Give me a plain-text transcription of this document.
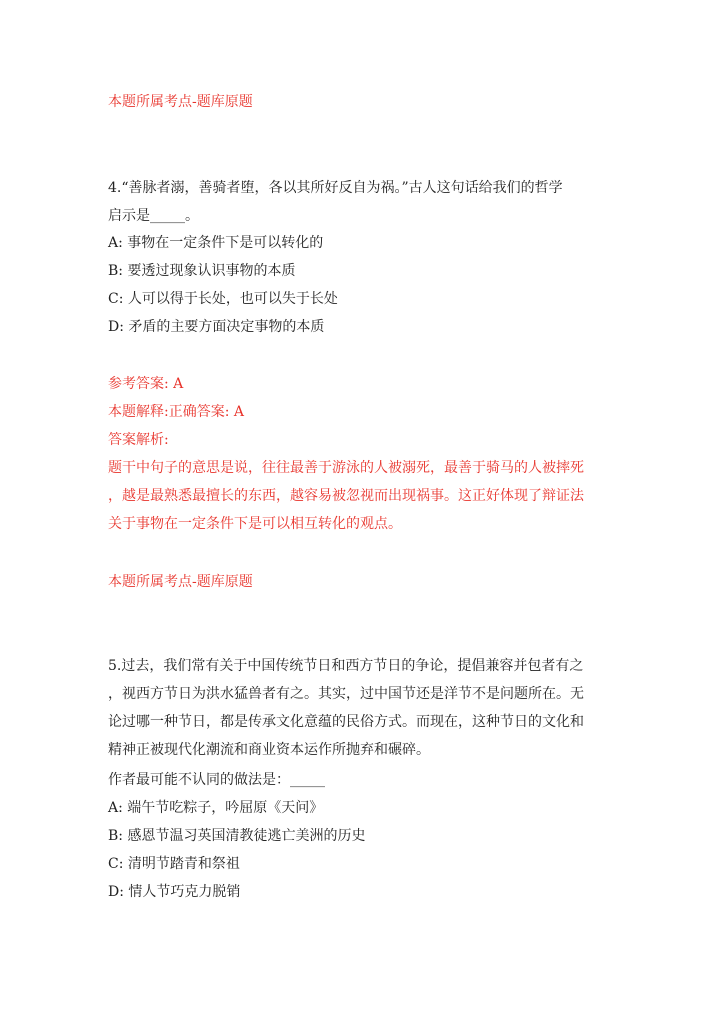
本题所属考点-题库原题
4.“善脉者溺，善骑者堕，各以其所好反自为祸。”古人这句话给我们的哲学
启示是_____。
A: 事物在一定条件下是可以转化的
B: 要透过现象认识事物的本质
C: 人可以得于长处，也可以失于长处
D: 矛盾的主要方面决定事物的本质
参考答案: A
本题解释:正确答案: A
答案解析:
题干中句子的意思是说，往往最善于游泳的人被溺死，最善于骑马的人被摔死
，越是最熟悉最擅长的东西，越容易被忽视而出现祸事。这正好体现了辩证法
关于事物在一定条件下是可以相互转化的观点。
本题所属考点-题库原题
5.过去，我们常有关于中国传统节日和西方节日的争论，提倡兼容并包者有之
，视西方节日为洪水猛兽者有之。其实，过中国节还是洋节不是问题所在。无
论过哪一种节日，都是传承文化意蕴的民俗方式。而现在，这种节日的文化和
精神正被现代化潮流和商业资本运作所抛弃和碾碎。
作者最可能不认同的做法是：_____
A: 端午节吃粽子，吟屈原《天问》
B: 感恩节温习英国清教徒逃亡美洲的历史
C: 清明节踏青和祭祖
D: 情人节巧克力脱销
